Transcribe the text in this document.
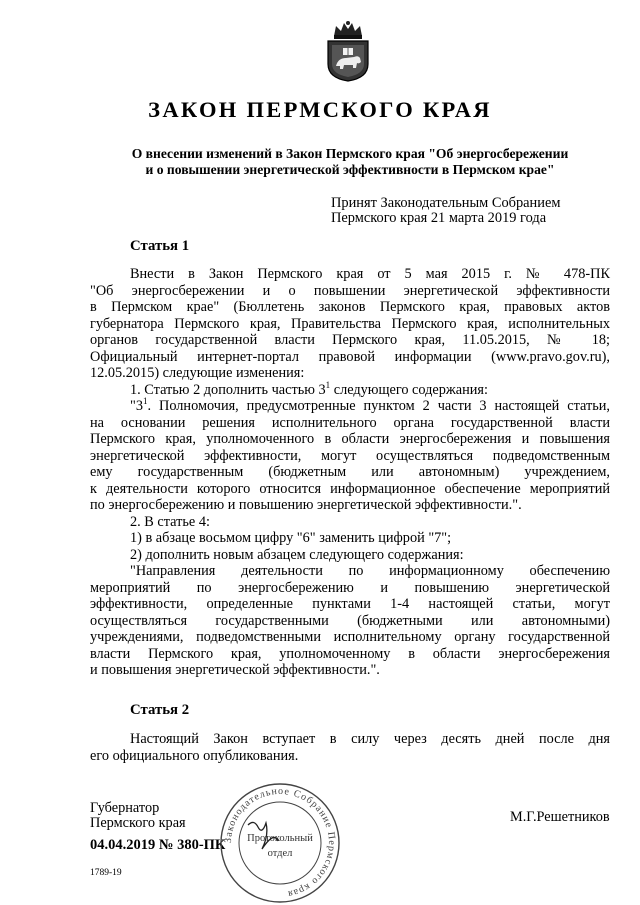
ЗАКОН ПЕРМСКОГО КРАЯ
О внесении изменений в Закон Пермского края "Об энергосбережении
и о повышении энергетической эффективности в Пермском крае"
Принят Законодательным Собранием
Пермского края 21 марта 2019 года
Статья 1

Внести в Закон Пермского края от 5 мая 2015 г. № 478-ПК

"Об энергосбережении и о повышении энергетической эффективности

в Пермском крае" (Бюллетень законов Пермского края, правовых актов

губернатора Пермского края, Правительства Пермского края, исполнительных

органов государственной власти Пермского края, 11.05.2015, № 18;

Официальный интернет-портал правовой информации (www.pravo.gov.ru),

12.05.2015) следующие изменения:

1. Статью 2 дополнить частью $3^1$ следующего содержания:

"$3^1$. Полномочия, предусмотренные пунктом 2 части 3 настоящей статьи,

на основании решения исполнительного органа государственной власти

Пермского края, уполномоченного в области энергосбережения и повышения

энергетической эффективности, могут осуществляться подведомственным

ему государственным (бюджетным или автономным) учреждением,

к деятельности которого относится информационное обеспечение мероприятий

по энергосбережению и повышению энергетической эффективности.".

2. В статье 4:

1) в абзаце восьмом цифру "6" заменить цифрой "7";

2) дополнить новым абзацем следующего содержания:

"Направления деятельности по информационному обеспечению

мероприятий по энергосбережению и повышению энергетической

эффективности, определенные пунктами 1-4 настоящей статьи, могут

осуществляться государственными (бюджетными или автономными)

учреждениями, подведомственными исполнительному органу государственной

власти Пермского края, уполномоченному в области энергосбережения

и повышения энергетической эффективности.".

Статья 2

Настоящий Закон вступает в силу через десять дней после дня

его официального опубликования.

Губернатор
Пермского края	М.Г.Решетников
04.04.2019 № 380-ПК
1789-19
Законодательное Собрание Пермского края
Протокольный
отдел
